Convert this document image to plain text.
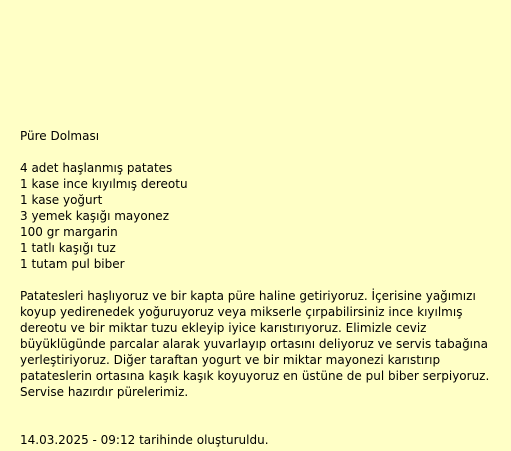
Püre Dolması
4 adet haşlanmış patates
1 kase ince kıyılmış dereotu
1 kase yoğurt
3 yemek kaşığı mayonez
100 gr margarin
1 tatlı kaşığı tuz
1 tutam pul biber
Patatesleri haşlıyoruz ve bir kapta püre haline getiriyoruz. İçerisine yağımızı koyup yedirenedek yoğuruyoruz veya mikserle çırpabilirsiniz ince kıyılmış dereotu ve bir miktar tuzu ekleyip iyice karıstırıyoruz. Elimizle ceviz büyüklügünde parcalar alarak yuvarlayıp ortasını deliyoruz ve servis tabağına yerleştiriyoruz. Diğer taraftan yogurt ve bir miktar mayonezi karıstırıp patateslerin ortasına kaşık kaşık koyuyoruz en üstüne de pul biber serpiyoruz. Servise hazırdır pürelerimiz.
14.03.2025 - 09:12 tarihinde oluşturuldu.
